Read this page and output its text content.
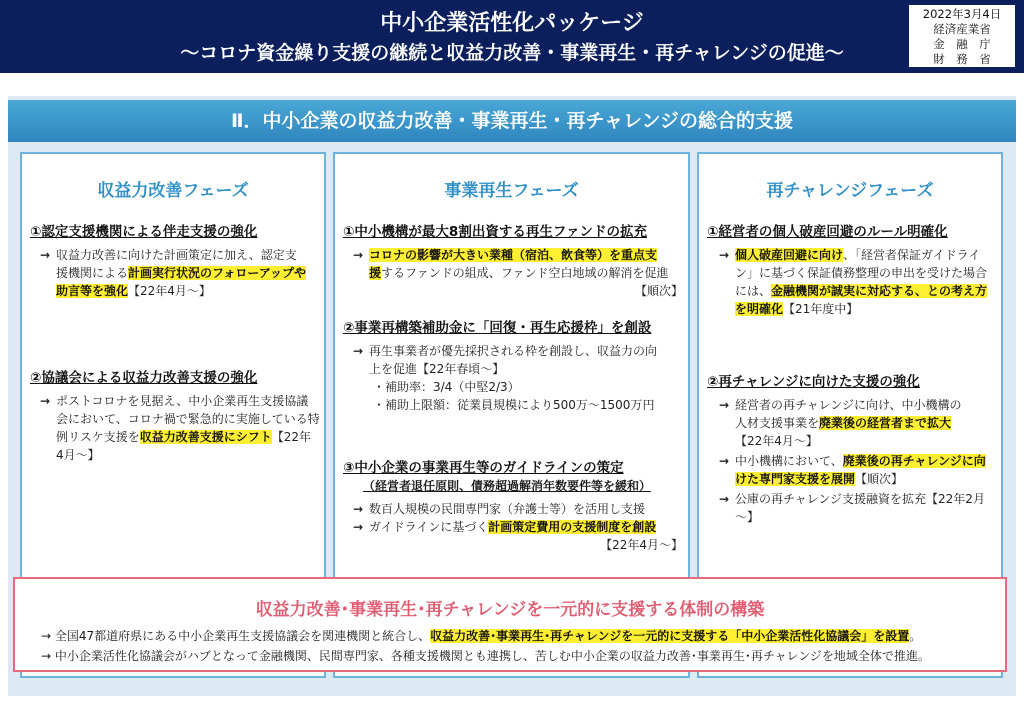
中小企業活性化パッケージ
～コロナ資金繰り支援の継続と収益力改善・事業再生・再チャレンジの促進～
2022年3月4日
経済産業省
金　融　庁
財　務　省
Ⅱ．中小企業の収益力改善・事業再生・再チャレンジの総合的支援
収益力改善フェーズ
①認定支援機関による伴走支援の強化
→ 収益力改善に向けた計画策定に加え、認定支
援機関による計画実行状況のフォローアップや
助言等を強化【22年4月～】
②協議会による収益力改善支援の強化
→ ポストコロナを見据え、中小企業再生支援協議
会において、コロナ禍で緊急的に実施している特
例リスケ支援を収益力改善支援にシフト【22年
4月～】
事業再生フェーズ
①中小機構が最大8割出資する再生ファンドの拡充
→ コロナの影響が大きい業種（宿泊、飲食等）を重点支
援するファンドの組成、ファンド空白地域の解消を促進
【順次】
②事業再構築補助金に「回復・再生応援枠」を創設
→ 再生事業者が優先採択される枠を創設し、収益力の向
上を促進【22年春頃～】
・補助率：3/4（中堅2/3）
・補助上限額：従業員規模により500万～1500万円
③中小企業の事業再生等のガイドラインの策定
（経営者退任原則、債務超過解消年数要件等を緩和）
→ 数百人規模の民間専門家（弁護士等）を活用し支援
→ ガイドラインに基づく計画策定費用の支援制度を創設
【22年4月～】
再チャレンジフェーズ
①経営者の個人破産回避のルール明確化
→ 個人破産回避に向け、「経営者保証ガイドライ
ン」に基づく保証債務整理の申出を受けた場合
には、金融機関が誠実に対応する、との考え方
を明確化【21年度中】
②再チャレンジに向けた支援の強化
→ 経営者の再チャレンジに向け、中小機構の
人材支援事業を廃業後の経営者まで拡大
【22年4月～】
→ 中小機構において、廃業後の再チャレンジに向
けた専門家支援を展開【順次】
→ 公庫の再チャレンジ支援融資を拡充【22年2月
～】
収益力改善･事業再生･再チャレンジを一元的に支援する体制の構築
→ 全国47都道府県にある中小企業再生支援協議会を関連機関と統合し、収益力改善･事業再生･再チャレンジを一元的に支援する「中小企業活性化協議会」を設置。
→ 中小企業活性化協議会がハブとなって金融機関、民間専門家、各種支援機関とも連携し、苦しむ中小企業の収益力改善･事業再生･再チャレンジを地域全体で推進。
